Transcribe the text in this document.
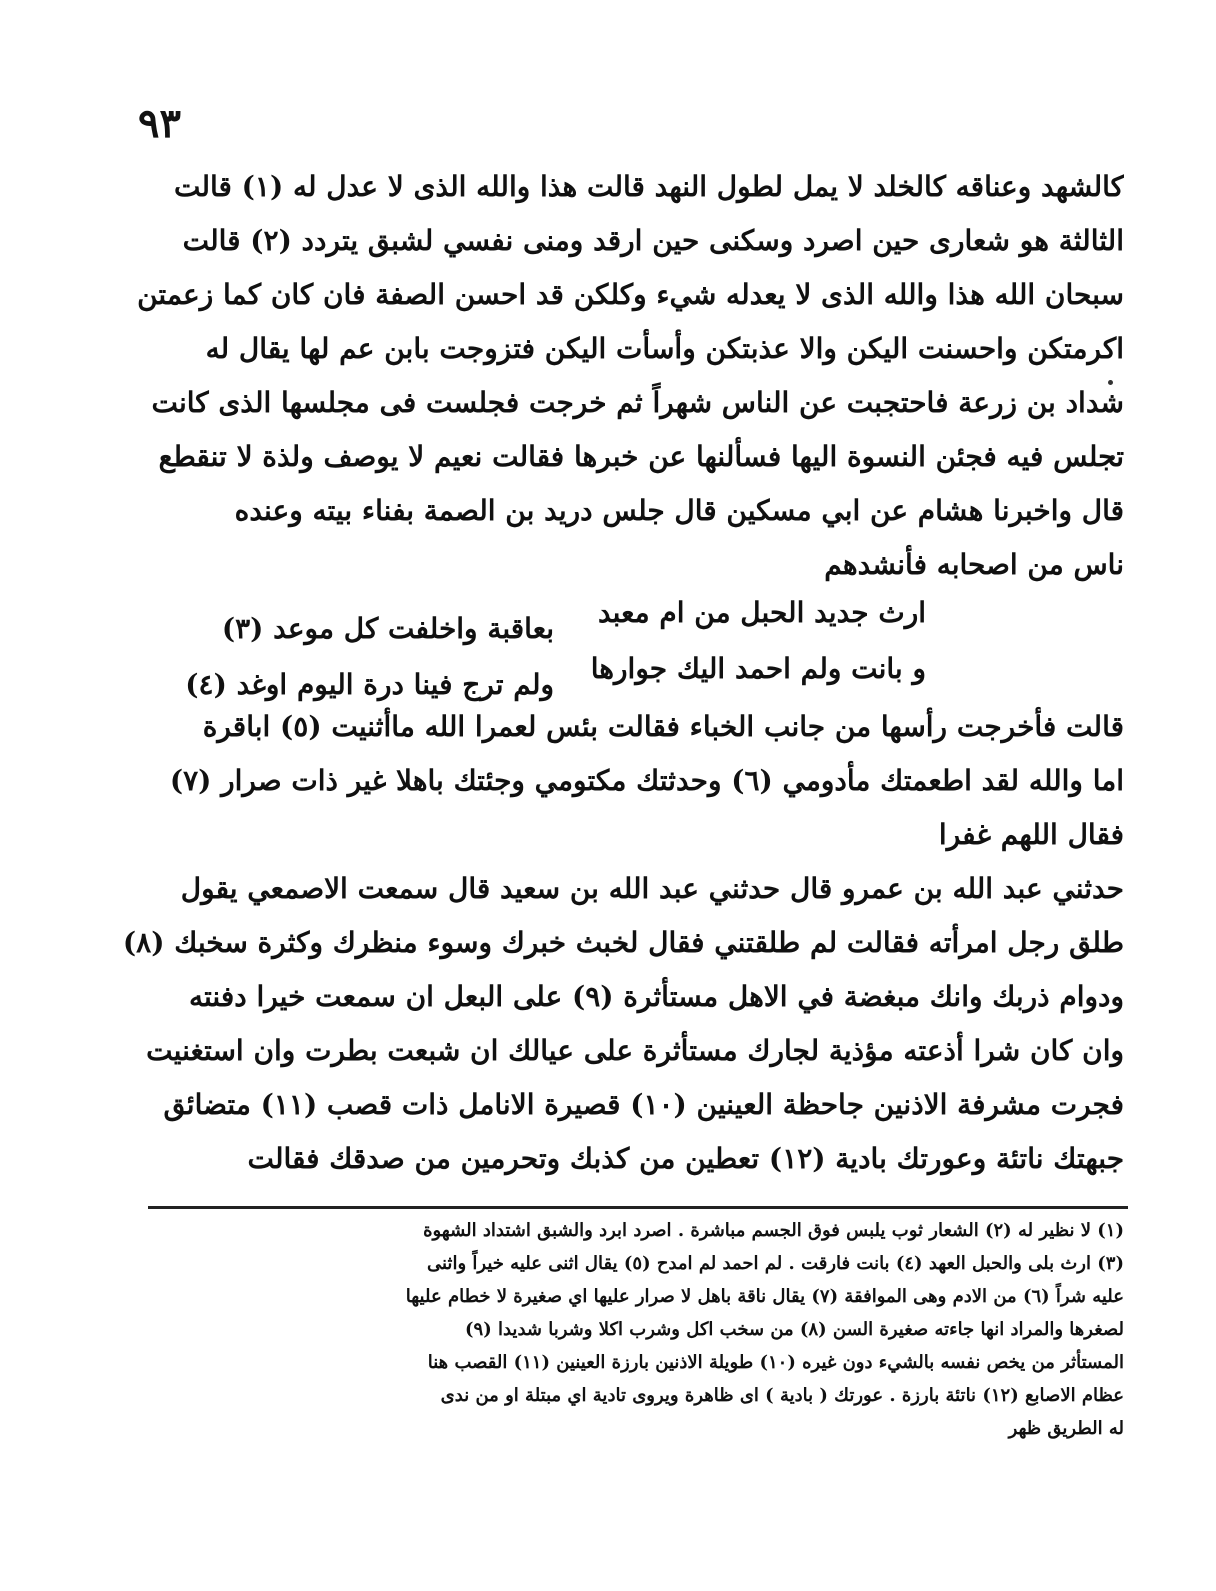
٩٣
كالشهد وعناقه كالخلد لا يمل لطول النهد قالت هذا والله الذى لا عدل له (١) قالت
الثالثة هو شعارى حين اصرد وسكنى حين ارقد ومنى نفسي لشبق يتردد (٢) قالت
سبحان الله هذا والله الذى لا يعدله شيء وكلكن قد احسن الصفة فان كان كما زعمتن
اكرمتكن واحسنت اليكن والا عذبتكن وأسأت اليكن فتزوجت بابن عم لها يقال له
شداد بن زرعة فاحتجبت عن الناس شهراً ثم خرجت فجلست فى مجلسها الذى كانت
تجلس فيه فجئن النسوة اليها فسألنها عن خبرها فقالت نعيم لا يوصف ولذة لا تنقطع
قال واخبرنا هشام عن ابي مسكين قال جلس دريد بن الصمة بفناء بيته وعنده
ناس من اصحابه فأنشدهم
ارث جديد الحبل من ام معبد
بعاقبة واخلفت كل موعد (٣)
و بانت ولم احمد اليك جوارها
ولم ترج فينا درة اليوم اوغد (٤)
قالت فأخرجت رأسها من جانب الخباء فقالت بئس لعمرا الله ماأثنيت (٥) اباقرة
اما والله لقد اطعمتك مأدومي (٦) وحدثتك مكتومي وجئتك باهلا غير ذات صرار (٧)
فقال اللهم غفرا
حدثني عبد الله بن عمرو قال حدثني عبد الله بن سعيد قال سمعت الاصمعي يقول
طلق رجل امرأته فقالت لم طلقتني فقال لخبث خبرك وسوء منظرك وكثرة سخبك (٨)
ودوام ذربك وانك مبغضة في الاهل مستأثرة (٩) على البعل ان سمعت خيرا دفنته
وان كان شرا أذعته مؤذية لجارك مستأثرة على عيالك ان شبعت بطرت وان استغنيت
فجرت مشرفة الاذنين جاحظة العينين (١٠) قصيرة الانامل ذات قصب (١١) متضائق
جبهتك ناتئة وعورتك بادية (١٢) تعطين من كذبك وتحرمين من صدقك فقالت
(١) لا نظير له (٢) الشعار ثوب يلبس فوق الجسم مباشرة . اصرد ابرد والشبق اشتداد الشهوة
(٣) ارث بلى والحبل العهد (٤) بانت فارقت . لم احمد لم امدح (٥) يقال اثنى عليه خيراً واثنى
عليه شراً (٦) من الادم وهى الموافقة (٧) يقال ناقة باهل لا صرار عليها اي صغيرة لا خطام عليها
لصغرها والمراد انها جاءته صغيرة السن (٨) من سخب اكل وشرب اكلا وشربا شديدا (٩)
المستأثر من يخص نفسه بالشيء دون غيره (١٠) طويلة الاذنين بارزة العينين (١١) القصب هنا
عظام الاصابع (١٢) ناتئة بارزة . عورتك ( بادية ) اى ظاهرة ويروى تادية اي مبتلة او من ندى
له الطريق ظهر
